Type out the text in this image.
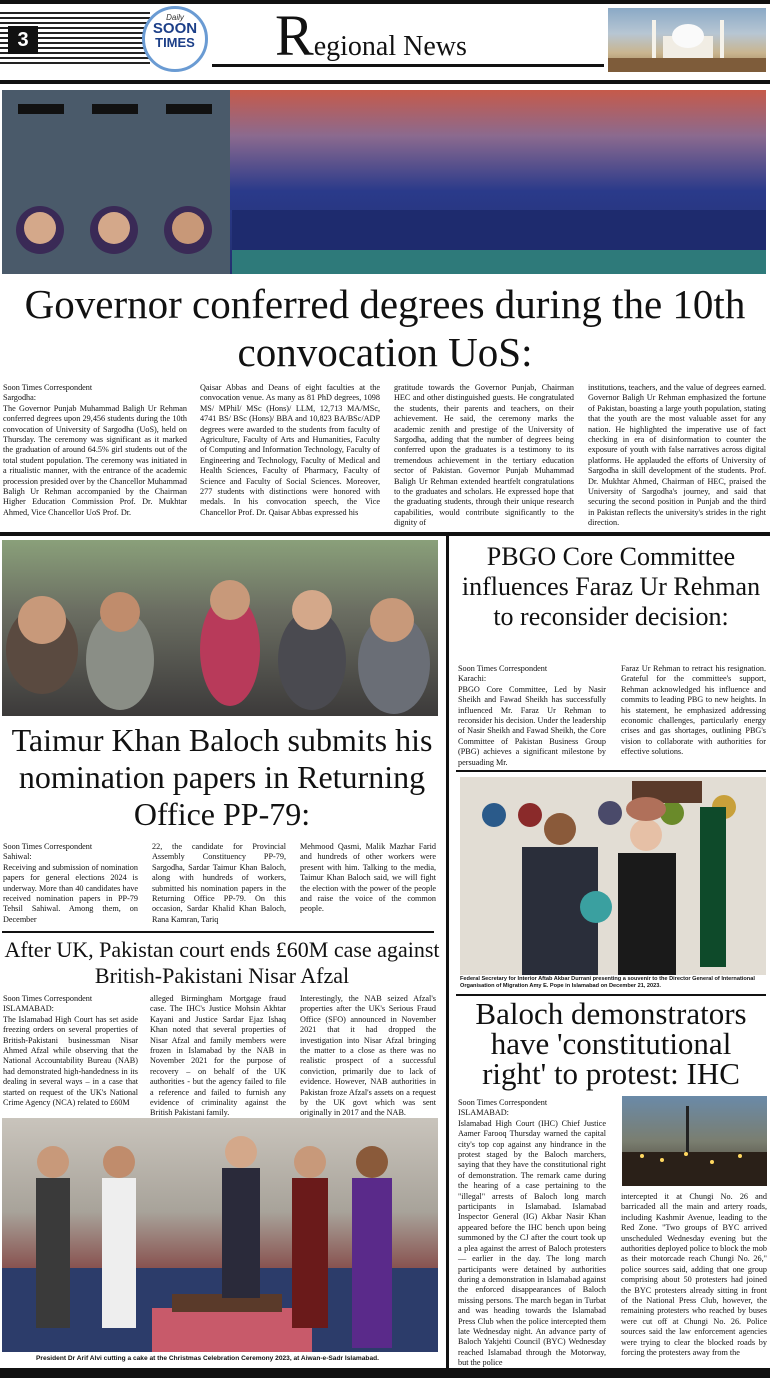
3
Daily
SOON
TIMES Regional News
Governor conferred degrees during the 10th convocation UoS:
Soon Times Correspondent
Sargodha:
The Governor Punjab Muhammad Baligh Ur Rehman conferred degrees upon 29,456 students during the 10th convocation of University of Sargodha (UoS), held on Thursday. The ceremony was significant as it marked the graduation of around 64.5% girl students out of the total student population. The ceremony was initiated in a ritualistic manner, with the entrance of the academic procession presided over by the Chancellor Muhammad Baligh Ur Rehman accompanied by the Chairman Higher Education Commission Prof. Dr. Mukhtar Ahmed, Vice Chancellor UoS Prof. Dr.
Qaisar Abbas and Deans of eight faculties at the convocation venue. As many as 81 PhD degrees, 1098 MS/ MPhil/ MSc (Hons)/ LLM, 12,713 MA/MSc, 4741 BS/ BSc (Hons)/ BBA and 10,823 BA/BSc/ADP degrees were awarded to the students from faculty of Agriculture, Faculty of Arts and Humanities, Faculty of Computing and Information Technology, Faculty of Engineering and Technology, Faculty of Medical and Health Sciences, Faculty of Pharmacy, Faculty of Science and Faculty of Social Sciences. Moreover, 277 students with distinctions were honored with medals. In his convocation speech, the Vice Chancellor Prof. Dr. Qaisar Abbas expressed his
gratitude towards the Governor Punjab, Chairman HEC and other distinguished guests. He congratulated the students, their parents and teachers, on their achievement. He said, the ceremony marks the academic zenith and prestige of the University of Sargodha, adding that the number of degrees being conferred upon the graduates is a testimony to its tremendous achievement in the tertiary education sector of Pakistan. Governor Punjab Muhammad Baligh Ur Rehman extended heartfelt congratulations to the graduates and scholars. He expressed hope that the graduating students, through their unique research capabilities, would contribute significantly to the dignity of
institutions, teachers, and the value of degrees earned. Governor Baligh Ur Rehman emphasized the fortune of Pakistan, boasting a large youth population, stating that the youth are the most valuable asset for any nation. He highlighted the imperative use of fact checking in era of disinformation to counter the exposure of youth with false narratives across digital platforms. He applauded the efforts of University of Sargodha in skill development of the students. Prof. Dr. Mukhtar Ahmed, Chairman of HEC, praised the University of Sargodha's journey, and said that securing the second position in Punjab and the third in Pakistan reflects the university's strides in the right direction.
Taimur Khan Baloch submits his nomination papers in Returning Office PP-79:
Soon Times Correspondent
Sahiwal:
Receiving and submission of nomination papers for general elections 2024 is underway. More than 40 candidates have received nomination papers in PP-79 Tehsil Sahiwal. Among them, on December
22, the candidate for Provincial Assembly Constituency PP-79, Sargodha, Sardar Taimur Khan Baloch, along with hundreds of workers, submitted his nomination papers in the Returning Office PP-79. On this occasion, Sardar Khalid Khan Baloch, Rana Kamran, Tariq
Mehmood Qasmi, Malik Mazhar Farid and hundreds of other workers were present with him. Talking to the media, Taimur Khan Baloch said, we will fight the election with the power of the people and raise the voice of the common people.
After UK, Pakistan court ends £60M case against British-Pakistani Nisar Afzal
Soon Times Correspondent
ISLAMABAD:
The Islamabad High Court has set aside freezing orders on several properties of British-Pakistani businessman Nisar Ahmed Afzal while observing that the National Accountability Bureau (NAB) had demonstrated high-handedness in its dealing in several ways – in a case that started on request of the UK's National Crime Agency (NCA) related to £60M
alleged Birmingham Mortgage fraud case. The IHC's Justice Mohsin Akhtar Kayani and Justice Sardar Ejaz Ishaq Khan noted that several properties of Nisar Afzal and family members were frozen in Islamabad by the NAB in November 2021 for the purpose of recovery – on behalf of the UK authorities - but the agency failed to file a reference and failed to furnish any evidence of criminality against the British Pakistani family.
Interestingly, the NAB seized Afzal's properties after the UK's Serious Fraud Office (SFO) announced in November 2021 that it had dropped the investigation into Nisar Afzal bringing the matter to a close as there was no realistic prospect of a successful conviction, primarily due to lack of evidence. However, NAB authorities in Pakistan froze Afzal's assets on a request by the UK govt which was sent originally in 2017 and the NAB.
President Dr Arif Alvi cutting a cake at the Christmas Celebration Ceremony 2023, at Aiwan-e-Sadr Islamabad.
PBGO Core Committee influences Faraz Ur Rehman to reconsider decision:
Soon Times Correspondent
Karachi:
PBGO Core Committee, Led by Nasir Sheikh and Fawad Sheikh has successfully influenced Mr. Faraz Ur Rehman to reconsider his decision. Under the leadership of Nasir Sheikh and Fawad Sheikh, the Core Committee of Pakistan Business Group (PBG) achieves a significant milestone by persuading Mr.
Faraz Ur Rehman to retract his resignation. Grateful for the committee's support, Rehman acknowledged his influence and commits to leading PBG to new heights. In his statement, he emphasized addressing economic challenges, particularly energy crises and gas shortages, outlining PBG's vision to collaborate with authorities for effective solutions.
Federal Secretary for Interior Aftab Akbar Durrani presenting a souvenir to the Director General of International Organisation of Migration Amy E. Pope in Islamabad on December 21, 2023.
Baloch demonstrators have 'constitutional right' to protest: IHC
Soon Times Correspondent
ISLAMABAD:
Islamabad High Court (IHC) Chief Justice Aamer Farooq Thursday warned the capital city's top cop against any hindrance in the protest staged by the Baloch marchers, saying that they have the constitutional right of demonstration. The remark came during the hearing of a case pertaining to the "illegal" arrests of Baloch long march participants in Islamabad. Islamabad Inspector General (IG) Akbar Nasir Khan appeared before the IHC bench upon being summoned by the CJ after the court took up a plea against the arrest of Baloch protesters — earlier in the day. The long march participants were detained by authorities during a demonstration in Islamabad against the enforced disappearances of Baloch missing persons. The march began in Turbat and was heading towards the Islamabad Press Club when the police intercepted them late Wednesday night. An advance party of Baloch Yakjehti Council (BYC) Wednesday reached Islamabad through the Motorway, but the police
intercepted it at Chungi No. 26 and barricaded all the main and artery roads, including Kashmir Avenue, leading to the Red Zone. "Two groups of BYC arrived unscheduled Wednesday evening but the authorities deployed police to block the mob as their motorcade reach Chungi No. 26," police sources said, adding that one group comprising about 50 protesters had joined the BYC protesters already sitting in front of the National Press Club, however, the remaining protesters who reached by buses were cut off at Chungi No. 26. Police sources said the law enforcement agencies were trying to clear the blocked roads by forcing the protesters away from the
